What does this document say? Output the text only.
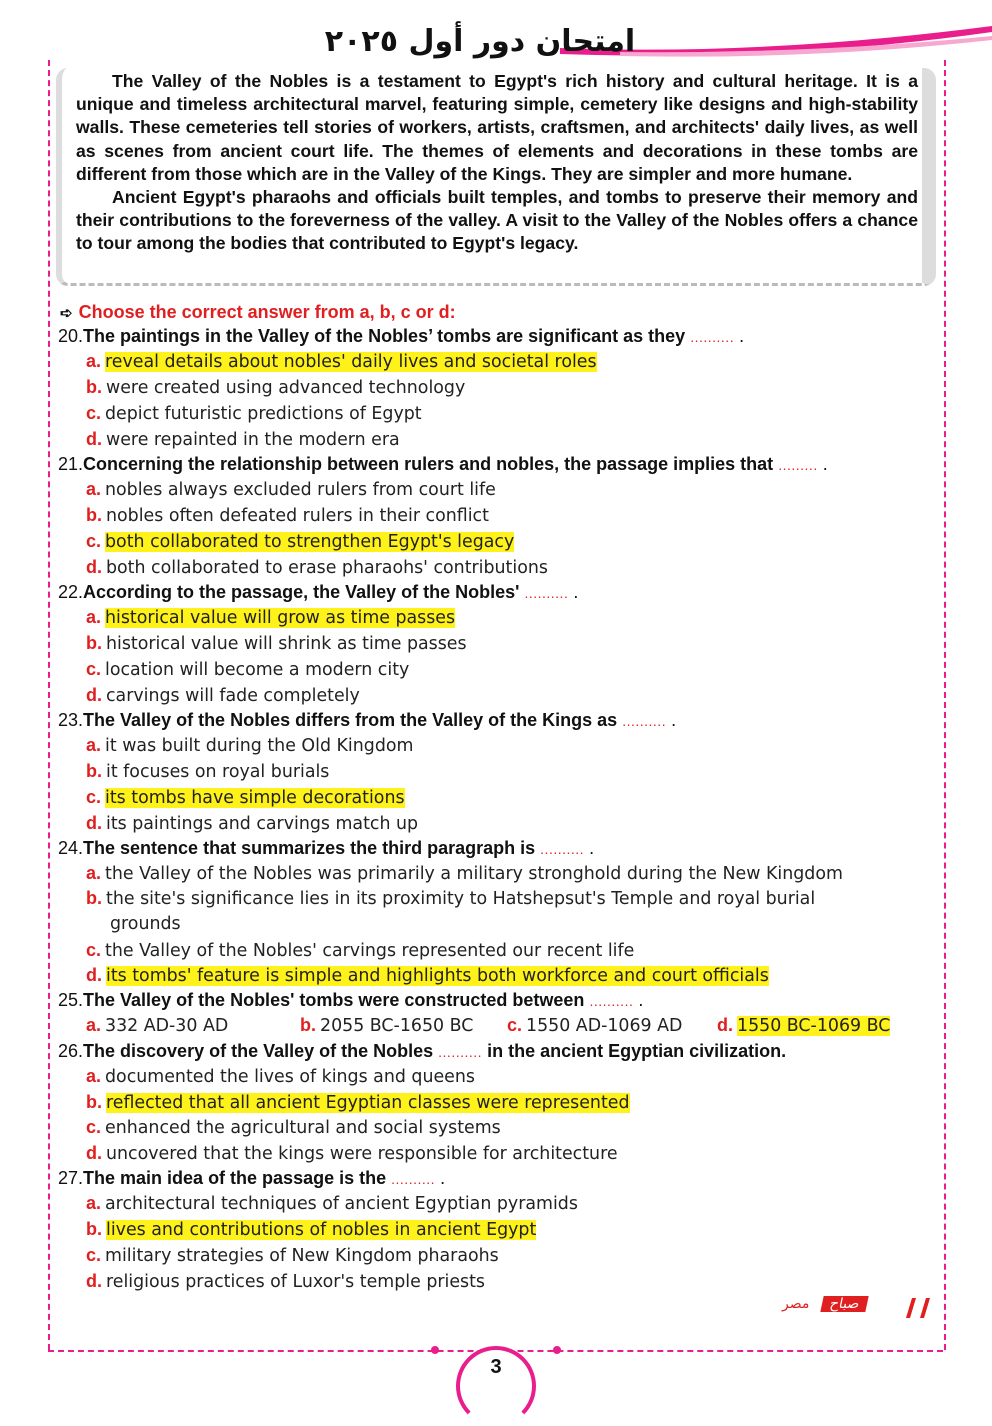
امتحان دور أول ٢٠٢٥

The Valley of the Nobles is a testament to Egypt's rich history and cultural heritage. It is a unique and timeless architectural marvel, featuring simple, cemetery like designs and high-stability walls. These cemeteries tell stories of workers, artists, craftsmen, and architects' daily lives, as well as scenes from ancient court life. The themes of elements and decorations in these tombs are different from those which are in the Valley of the Kings. They are simpler and more humane.

Ancient Egypt's pharaohs and officials built temples, and tombs to preserve their memory and their contributions to the foreverness of the valley. A visit to the Valley of the Nobles offers a chance to tour among the bodies that contributed to Egypt's legacy.

➪ Choose the correct answer from a, b, c or d:
20.The paintings in the Valley of the Nobles’ tombs are significant as they .......... .
a. reveal details about nobles' daily lives and societal roles
b. were created using advanced technology
c. depict futuristic predictions of Egypt
d. were repainted in the modern era
21.Concerning the relationship between rulers and nobles, the passage implies that ......... .
a. nobles always excluded rulers from court life
b. nobles often defeated rulers in their conflict
c. both collaborated to strengthen Egypt's legacy
d. both collaborated to erase pharaohs' contributions
22.According to the passage, the Valley of the Nobles' .......... .
a. historical value will grow as time passes
b. historical value will shrink as time passes
c. location will become a modern city
d. carvings will fade completely
23.The Valley of the Nobles differs from the Valley of the Kings as .......... .
a. it was built during the Old Kingdom
b. it focuses on royal burials
c. its tombs have simple decorations
d. its paintings and carvings match up
24.The sentence that summarizes the third paragraph is .......... .
a. the Valley of the Nobles was primarily a military stronghold during the New Kingdom
b. the site's significance lies in its proximity to Hatshepsut's Temple and royal burial
grounds
c. the Valley of the Nobles' carvings represented our recent life
d. its tombs' feature is simple and highlights both workforce and court officials
25.The Valley of the Nobles' tombs were constructed between .......... .
a. 332 AD-30 AD	b. 2055 BC-1650 BC c. 1550 AD-1069 AD d. 1550 BC-1069 BC
26.The discovery of the Valley of the Nobles .......... in the ancient Egyptian civilization.
a. documented the lives of kings and queens
b. reflected that all ancient Egyptian classes were represented
c. enhanced the agricultural and social systems
d. uncovered that the kings were responsible for architecture
27.The main idea of the passage is the .......... .
a. architectural techniques of ancient Egyptian pyramids
b. lives and contributions of nobles in ancient Egypt
c. military strategies of New Kingdom pharaohs
d. religious practices of Luxor's temple priests
مصر	صباح
3
